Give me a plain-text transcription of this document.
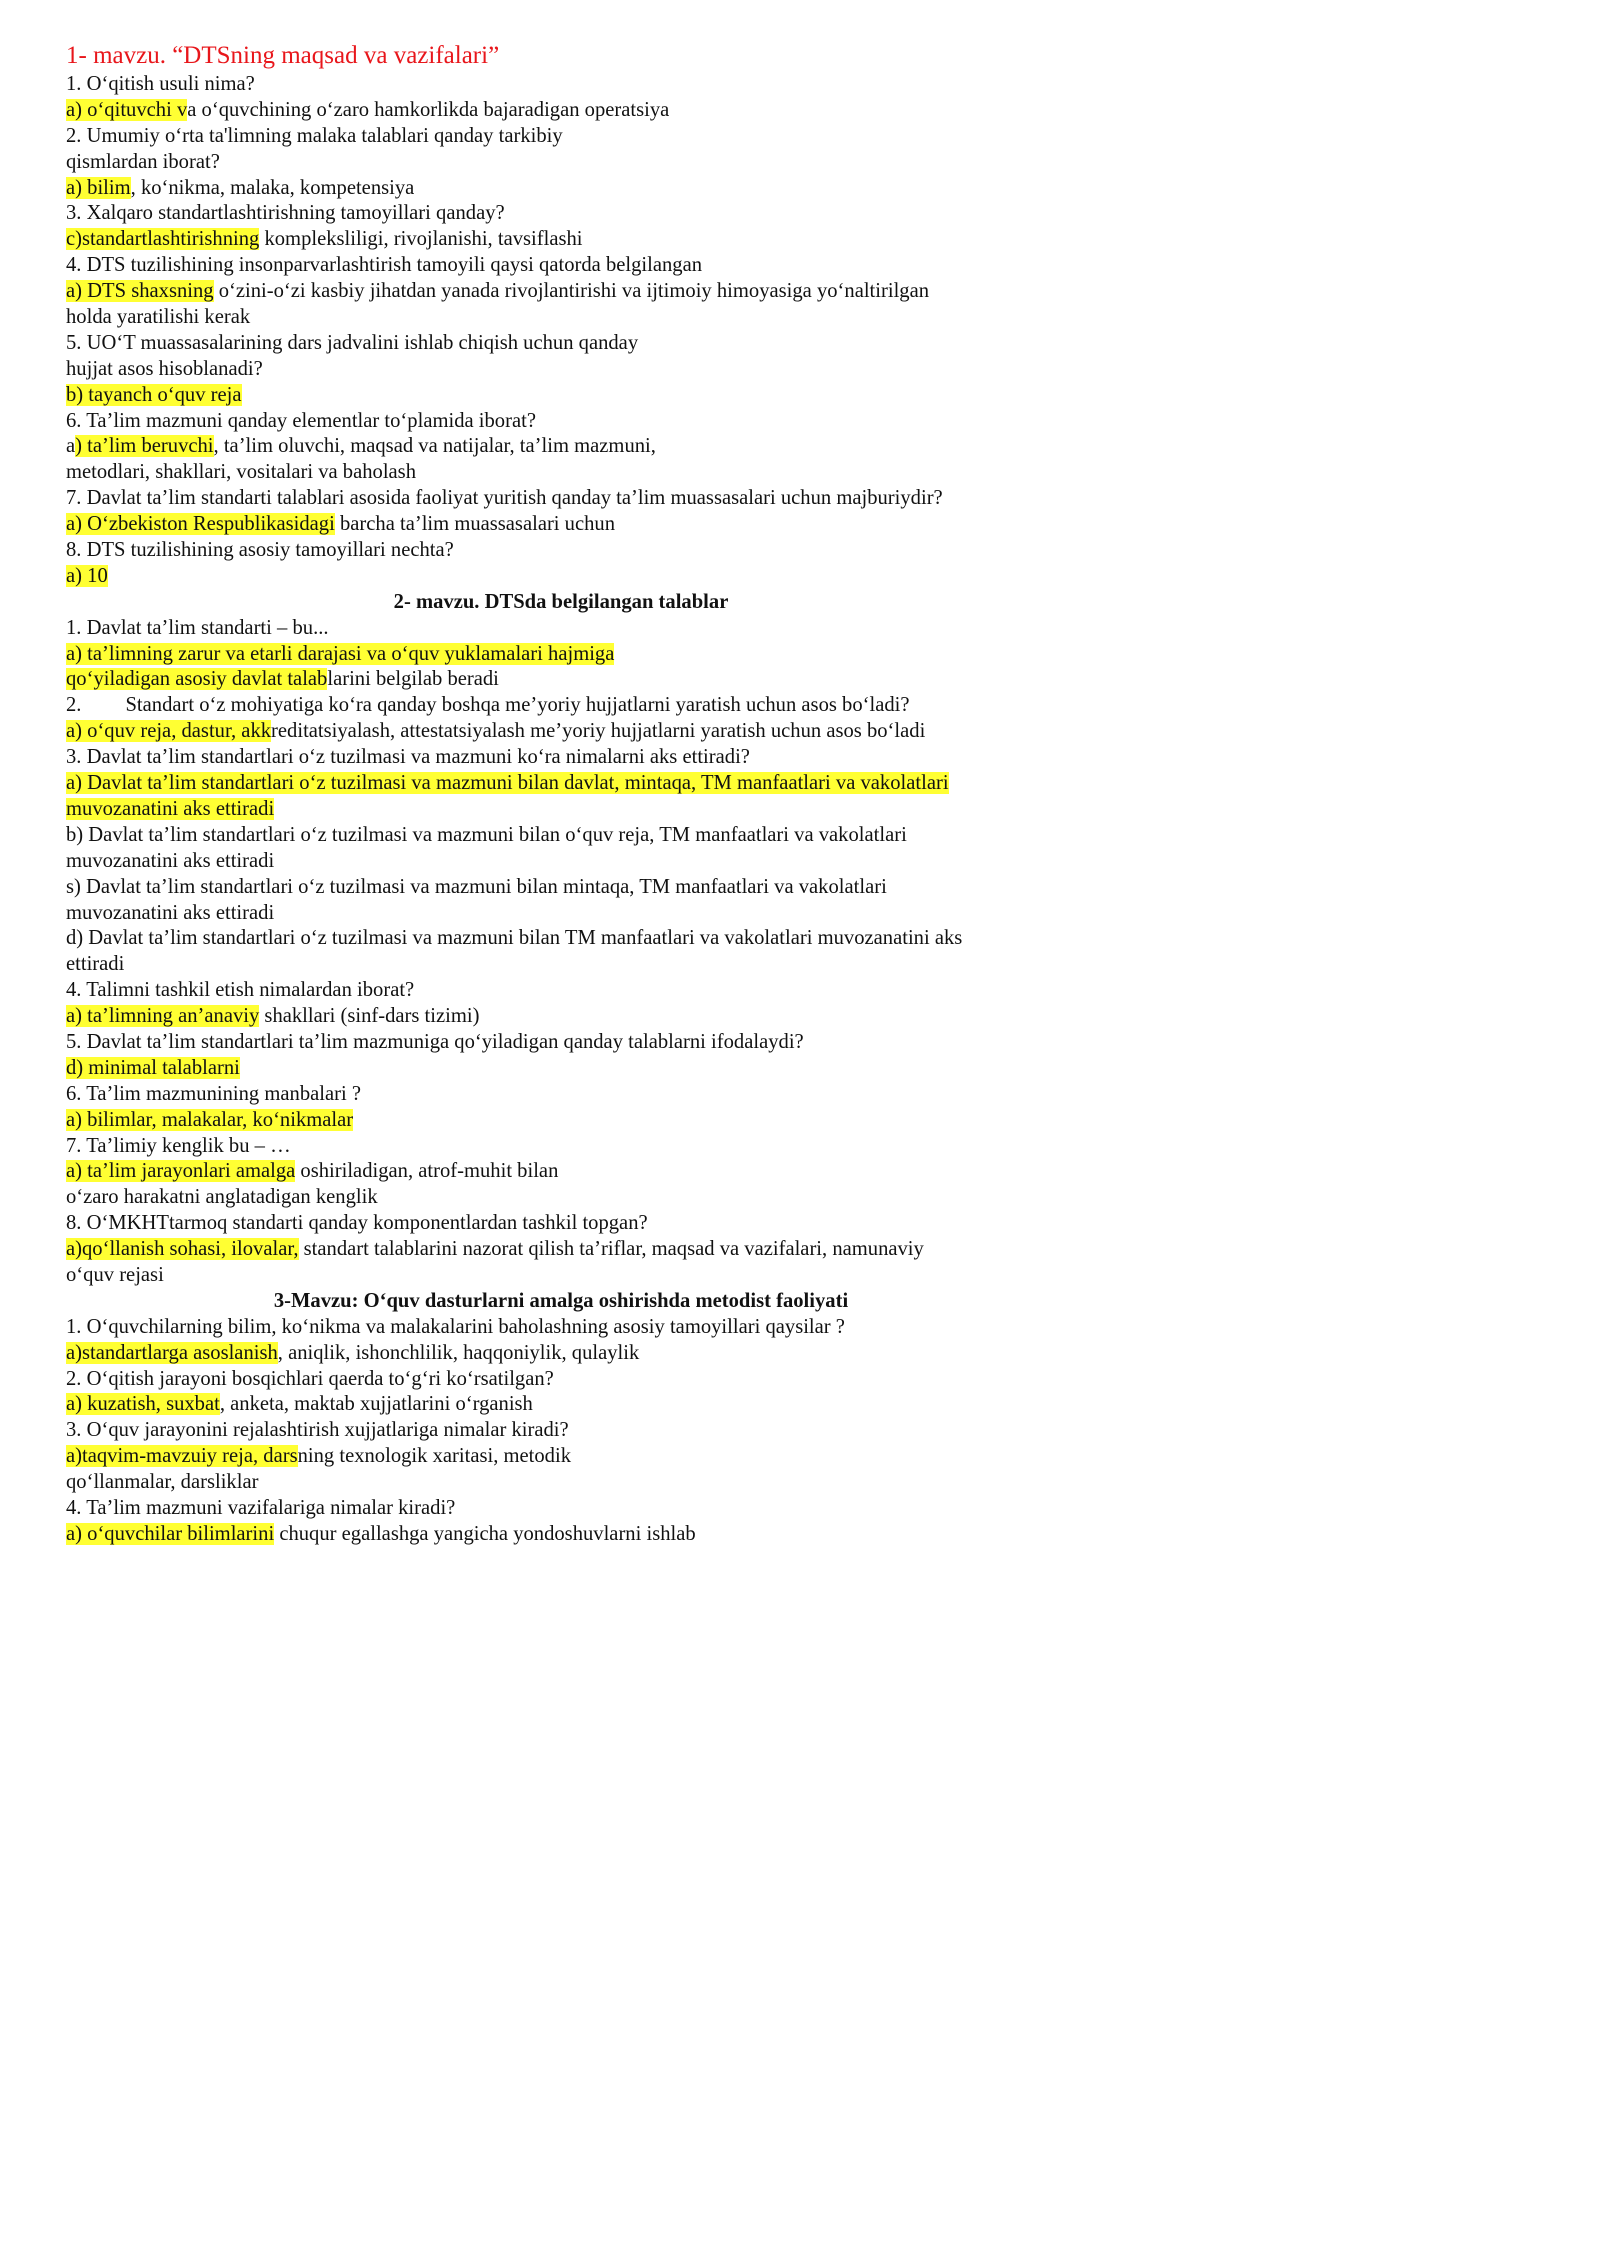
1- mavzu. “DTSning maqsad va vazifalari”
1. O‘qitish usuli nima?
a) o‘qituvchi va o‘quvchining o‘zaro hamkorlikda bajaradigan operatsiya
2. Umumiy o‘rta ta'limning malaka talablari qanday tarkibiy
qismlardan iborat?
a) bilim, ko‘nikma, malaka, kompetensiya
3. Xalqaro standartlashtirishning tamoyillari qanday?
c)standartlashtirishning kompleksliligi, rivojlanishi, tavsiflashi
4. DTS tuzilishining insonparvarlashtirish tamoyili qaysi qatorda belgilangan
a) DTS shaxsning o‘zini-o‘zi kasbiy jihatdan yanada rivojlantirishi va ijtimoiy himoyasiga yo‘naltirilgan
holda yaratilishi kerak
5. UO‘T muassasalarining dars jadvalini ishlab chiqish uchun qanday
hujjat asos hisoblanadi?
b) tayanch o‘quv reja
6. Ta’lim mazmuni qanday elementlar to‘plamida iborat?
a) ta’lim beruvchi, ta’lim oluvchi, maqsad va natijalar, ta’lim mazmuni,
metodlari, shakllari, vositalari va baholash
7. Davlat ta’lim standarti talablari asosida faoliyat yuritish qanday ta’lim muassasalari uchun majburiydir?
a) O‘zbekiston Respublikasidagi barcha ta’lim muassasalari uchun
8. DTS tuzilishining asosiy tamoyillari nechta?
a) 10
2- mavzu. DTSda belgilangan talablar
1. Davlat ta’lim standarti – bu...
a) ta’limning zarur va etarli darajasi va o‘quv yuklamalari hajmiga
qo‘yiladigan asosiy davlat talablarini belgilab beradi
2. Standart o‘z mohiyatiga ko‘ra qanday boshqa me’yoriy hujjatlarni yaratish uchun asos bo‘ladi?
a) o‘quv reja, dastur, akkreditatsiyalash, attestatsiyalash me’yoriy hujjatlarni yaratish uchun asos bo‘ladi
3. Davlat ta’lim standartlari o‘z tuzilmasi va mazmuni ko‘ra nimalarni aks ettiradi?
a) Davlat ta’lim standartlari o‘z tuzilmasi va mazmuni bilan davlat, mintaqa, TM manfaatlari va vakolatlari
muvozanatini aks ettiradi
b) Davlat ta’lim standartlari o‘z tuzilmasi va mazmuni bilan o‘quv reja, TM manfaatlari va vakolatlari
muvozanatini aks ettiradi
s) Davlat ta’lim standartlari o‘z tuzilmasi va mazmuni bilan mintaqa, TM manfaatlari va vakolatlari
muvozanatini aks ettiradi
d) Davlat ta’lim standartlari o‘z tuzilmasi va mazmuni bilan TM manfaatlari va vakolatlari muvozanatini aks
ettiradi
4. Talimni tashkil etish nimalardan iborat?
a) ta’limning an’anaviy shakllari (sinf-dars tizimi)
5. Davlat ta’lim standartlari ta’lim mazmuniga qo‘yiladigan qanday talablarni ifodalaydi?
d) minimal talablarni
6. Ta’lim mazmunining manbalari ?
a) bilimlar, malakalar, ko‘nikmalar
7. Ta’limiy kenglik bu – …
a) ta’lim jarayonlari amalga oshiriladigan, atrof-muhit bilan
o‘zaro harakatni anglatadigan kenglik
8. O‘MKHTtarmoq standarti qanday komponentlardan tashkil topgan?
a)qo‘llanish sohasi, ilovalar, standart talablarini nazorat qilish ta’riflar, maqsad va vazifalari, namunaviy
o‘quv rejasi
3-Mavzu: O‘quv dasturlarni amalga oshirishda metodist faoliyati
1. O‘quvchilarning bilim, ko‘nikma va malakalarini baholashning asosiy tamoyillari qaysilar ?
a)standartlarga asoslanish, aniqlik, ishonchlilik, haqqoniylik, qulaylik
2. O‘qitish jarayoni bosqichlari qaerda to‘g‘ri ko‘rsatilgan?
a) kuzatish, suxbat, anketa, maktab xujjatlarini o‘rganish
3. O‘quv jarayonini rejalashtirish xujjatlariga nimalar kiradi?
a)taqvim-mavzuiy reja, darsning texnologik xaritasi, metodik
qo‘llanmalar, darsliklar
4. Ta’lim mazmuni vazifalariga nimalar kiradi?
a) o‘quvchilar bilimlarini chuqur egallashga yangicha yondoshuvlarni ishlab
